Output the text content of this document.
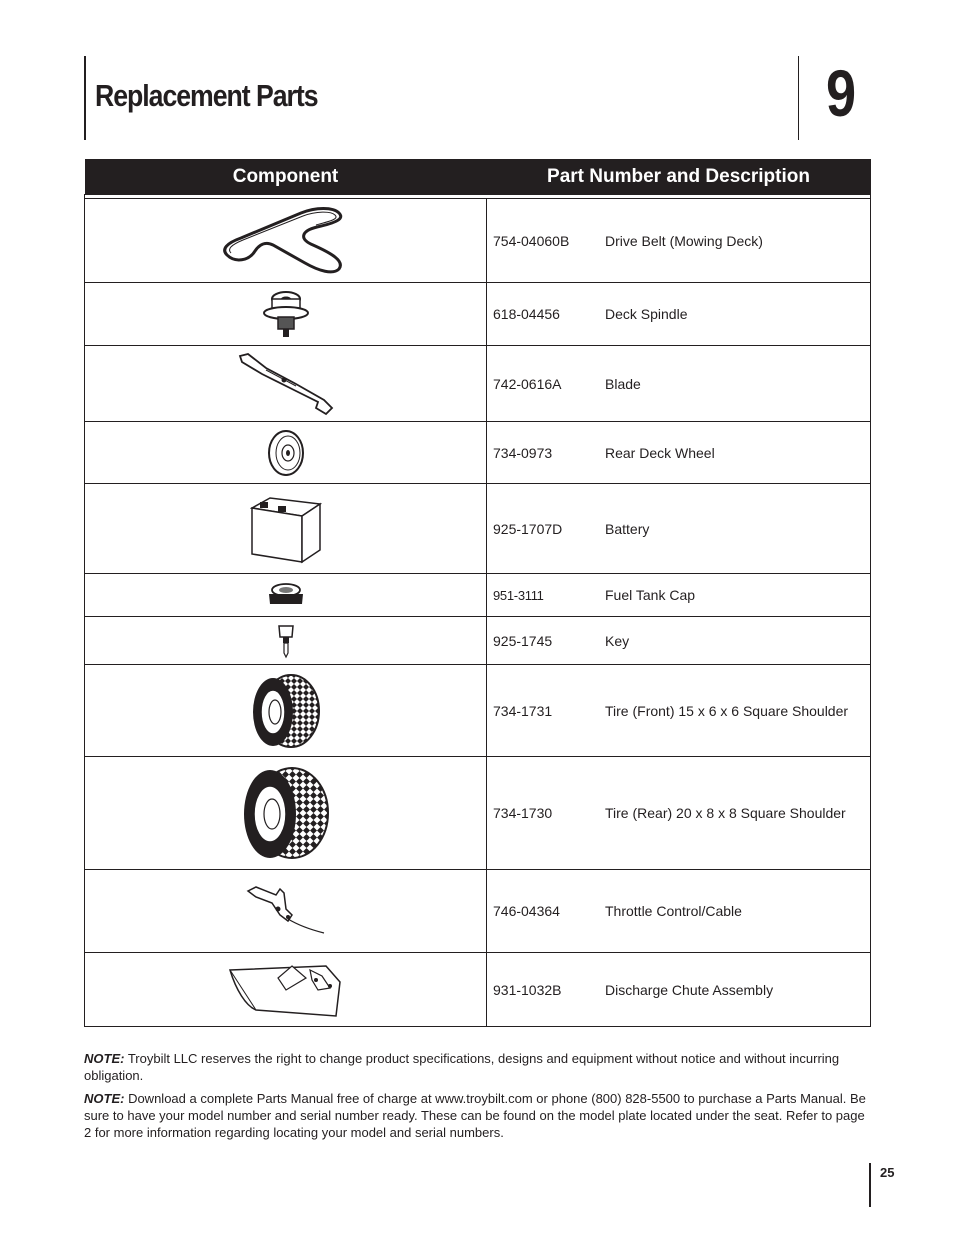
Replacement Parts	9
Component	Part Number and Description

	754-04060B Drive Belt (Mowing Deck)
	618-04456 Deck Spindle
	742-0616A Blade
	734-0973 Rear Deck Wheel
	925-1707D Battery
	951-3111 Fuel Tank Cap
	925-1745 Key
	734-1731 Tire (Front) 15 x 6 x 6 Square Shoulder
	734-1730 Tire (Rear) 20 x 8 x 8 Square Shoulder
	746-04364 Throttle Control/Cable
	931-1032B Discharge Chute Assembly

NOTE: Troybilt LLC reserves the right to change product specifications, designs and equipment without notice and without incurring obligation.

NOTE: Download a complete Parts Manual free of charge at www.troybilt.com or phone (800) 828-5500 to purchase a Parts Manual. Be sure to have your model number and serial number ready. These can be found on the model plate located under the seat. Refer to page 2 for more information regarding locating your model and serial numbers.

25
